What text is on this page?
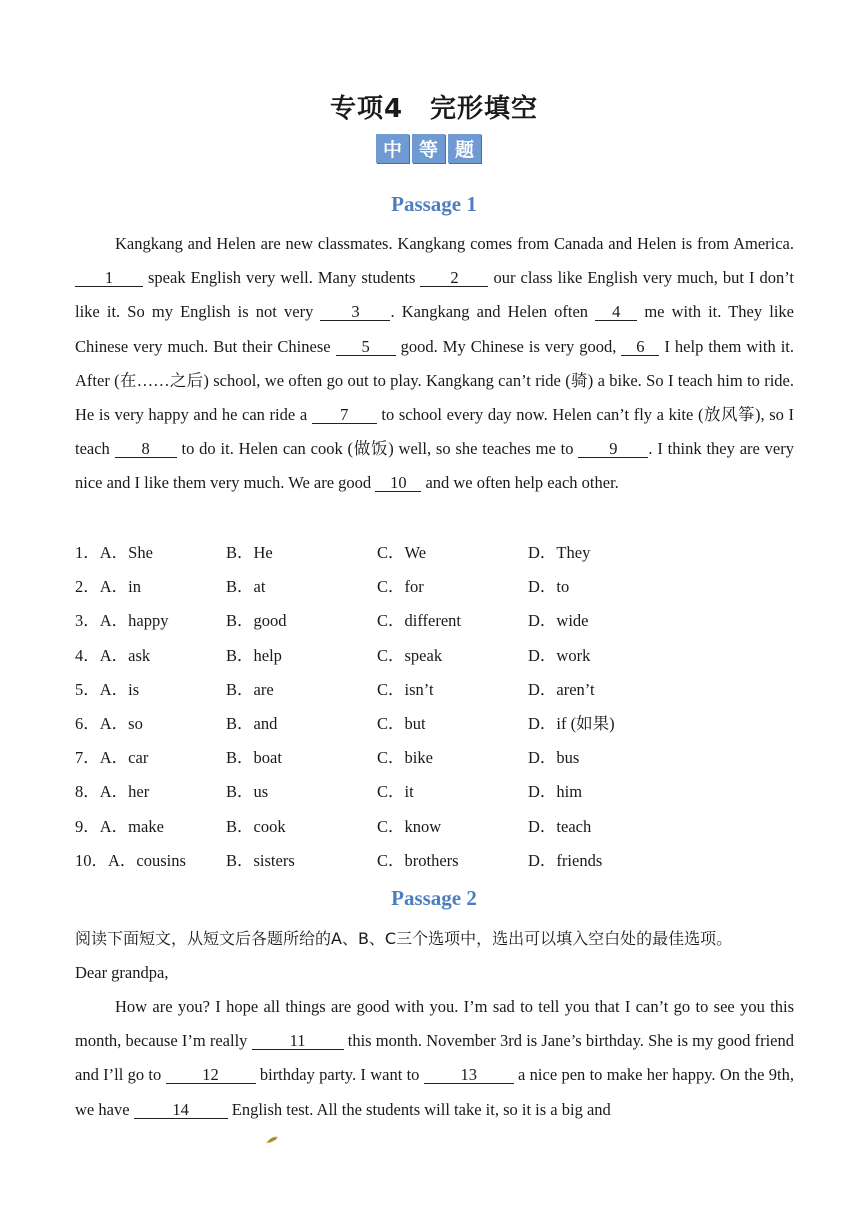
专项4　完形填空
中 等 题
Passage 1
Kangkang and Helen are new classmates. Kangkang comes from Canada and Helen is from America. 1 speak English very well. Many students 2 our class like English very much, but I don’t like it. So my English is not very 3 . Kangkang and Helen often 4 me with it. They like Chinese very much. But their Chinese 5 good. My Chinese is very good, 6 I help them with it. After (在……之后) school, we often go out to play. Kangkang can’t ride (骑) a bike. So I teach him to ride. He is very happy and he can ride a 7 to school every day now. Helen can’t fly a kite (放风筝), so I teach 8 to do it. Helen can cook (做饭) well, so she teaches me to 9 . I think they are very nice and I like them very much. We are good 10 and we often help each other.
1．A．She	B．He	C．We	D．They
2．A．in	B．at	C．for	D．to
3．A．happy	B．good	C．different	D．wide
4．A．ask	B．help	C．speak	D．work
5．A．is	B．are	C．isn’t	D．aren’t
6．A．so	B．and	C．but	D．if (如果)
7．A．car	B．boat	C．bike	D．bus
8．A．her	B．us	C．it	D．him
9．A．make	B．cook	C．know	D．teach
10．A．cousins	B．sisters	C．brothers	D．friends
Passage 2
阅读下面短文，从短文后各题所给的A、B、C三个选项中，选出可以填入空白处的最佳选项。
Dear grandpa,
How are you? I hope all things are good with you. I’m sad to tell you that I can’t go to see you this month, because I’m really 11 this month. November 3rd is Jane’s birthday. She is my good friend and I’ll go to 12 birthday party. I want to 13 a nice pen to make her happy. On the 9th, we have 14 English test. All the students will take it, so it is a big and
